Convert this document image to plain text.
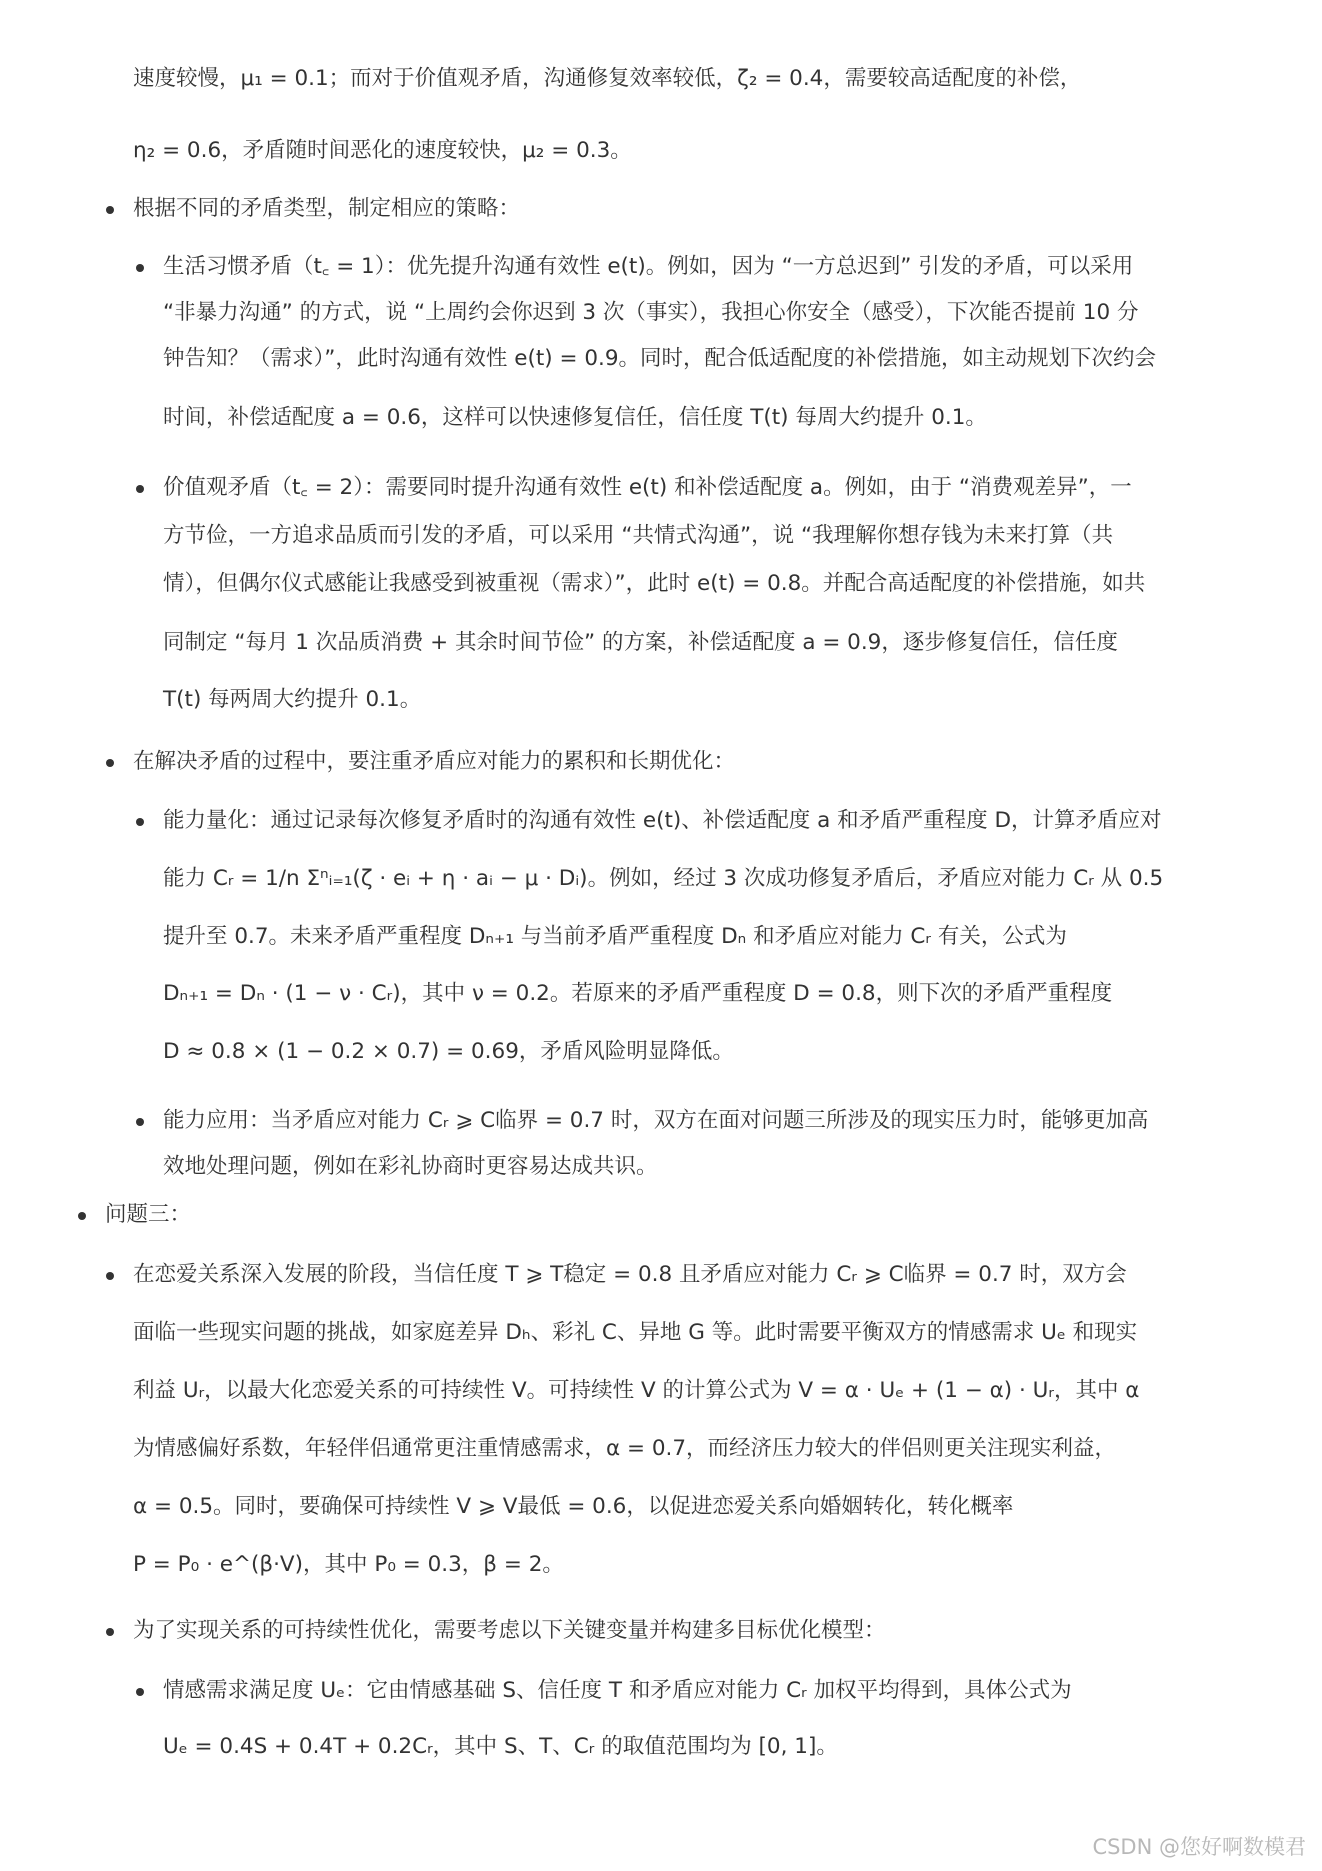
速度较慢，μ₁ = 0.1；而对于价值观矛盾，沟通修复效率较低，ζ₂ = 0.4，需要较高适配度的补偿，
η₂ = 0.6，矛盾随时间恶化的速度较快，μ₂ = 0.3。
根据不同的矛盾类型，制定相应的策略：
生活习惯矛盾（t꜀ = 1）：优先提升沟通有效性 e(t)。例如，因为 “一方总迟到” 引发的矛盾，可以采用
“非暴力沟通” 的方式，说 “上周约会你迟到 3 次（事实），我担心你安全（感受），下次能否提前 10 分
钟告知？（需求）”，此时沟通有效性 e(t) = 0.9。同时，配合低适配度的补偿措施，如主动规划下次约会
时间，补偿适配度 a = 0.6，这样可以快速修复信任，信任度 T(t) 每周大约提升 0.1。
价值观矛盾（t꜀ = 2）：需要同时提升沟通有效性 e(t) 和补偿适配度 a。例如，由于 “消费观差异”，一
方节俭，一方追求品质而引发的矛盾，可以采用 “共情式沟通”，说 “我理解你想存钱为未来打算（共
情），但偶尔仪式感能让我感受到被重视（需求）”，此时 e(t) = 0.8。并配合高适配度的补偿措施，如共
同制定 “每月 1 次品质消费 + 其余时间节俭” 的方案，补偿适配度 a = 0.9，逐步修复信任，信任度
T(t) 每两周大约提升 0.1。
在解决矛盾的过程中，要注重矛盾应对能力的累积和长期优化：
能力量化：通过记录每次修复矛盾时的沟通有效性 e(t)、补偿适配度 a 和矛盾严重程度 D，计算矛盾应对
能力 Cᵣ = 1/n Σⁿᵢ₌₁(ζ · eᵢ + η · aᵢ − μ · Dᵢ)。例如，经过 3 次成功修复矛盾后，矛盾应对能力 Cᵣ 从 0.5
提升至 0.7。未来矛盾严重程度 Dₙ₊₁ 与当前矛盾严重程度 Dₙ 和矛盾应对能力 Cᵣ 有关，公式为
Dₙ₊₁ = Dₙ · (1 − ν · Cᵣ)，其中 ν = 0.2。若原来的矛盾严重程度 D = 0.8，则下次的矛盾严重程度
D ≈ 0.8 × (1 − 0.2 × 0.7) = 0.69，矛盾风险明显降低。
能力应用：当矛盾应对能力 Cᵣ ⩾ C临界 = 0.7 时，双方在面对问题三所涉及的现实压力时，能够更加高
效地处理问题，例如在彩礼协商时更容易达成共识。
问题三：
在恋爱关系深入发展的阶段，当信任度 T ⩾ T稳定 = 0.8 且矛盾应对能力 Cᵣ ⩾ C临界 = 0.7 时，双方会
面临一些现实问题的挑战，如家庭差异 Dₕ、彩礼 C、异地 G 等。此时需要平衡双方的情感需求 Uₑ 和现实
利益 Uᵣ，以最大化恋爱关系的可持续性 V。可持续性 V 的计算公式为 V = α · Uₑ + (1 − α) · Uᵣ，其中 α
为情感偏好系数，年轻伴侣通常更注重情感需求，α = 0.7，而经济压力较大的伴侣则更关注现实利益，
α = 0.5。同时，要确保可持续性 V ⩾ V最低 = 0.6，以促进恋爱关系向婚姻转化，转化概率
P = P₀ · e^(β·V)，其中 P₀ = 0.3，β = 2。
为了实现关系的可持续性优化，需要考虑以下关键变量并构建多目标优化模型：
情感需求满足度 Uₑ：它由情感基础 S、信任度 T 和矛盾应对能力 Cᵣ 加权平均得到，具体公式为
Uₑ = 0.4S + 0.4T + 0.2Cᵣ，其中 S、T、Cᵣ 的取值范围均为 [0, 1]。
CSDN @您好啊数模君
